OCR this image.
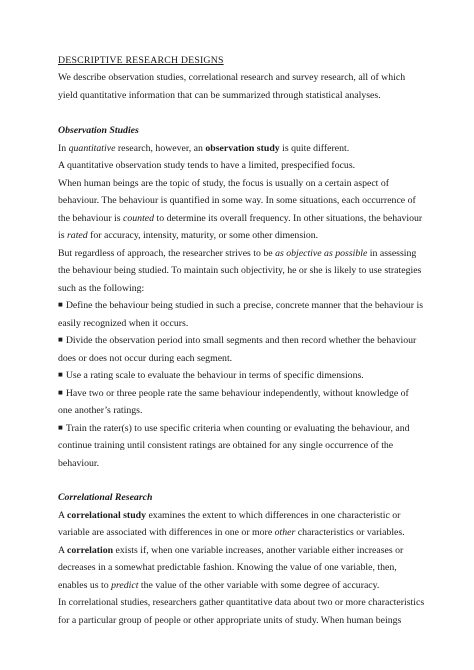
DESCRIPTIVE RESEARCH DESIGNS
We describe observation studies, correlational research and survey research, all of which
yield quantitative information that can be summarized through statistical analyses.
Observation Studies
In quantitative research, however, an observation study is quite different.
A quantitative observation study tends to have a limited, prespecified focus.
When human beings are the topic of study, the focus is usually on a certain aspect of
behaviour. The behaviour is quantified in some way. In some situations, each occurrence of
the behaviour is counted to determine its overall frequency. In other situations, the behaviour
is rated for accuracy, intensity, maturity, or some other dimension.
But regardless of approach, the researcher strives to be as objective as possible in assessing
the behaviour being studied. To maintain such objectivity, he or she is likely to use strategies
such as the following:
■ Define the behaviour being studied in such a precise, concrete manner that the behaviour is
easily recognized when it occurs.
■ Divide the observation period into small segments and then record whether the behaviour
does or does not occur during each segment.
■ Use a rating scale to evaluate the behaviour in terms of specific dimensions.
■ Have two or three people rate the same behaviour independently, without knowledge of
one another’s ratings.
■ Train the rater(s) to use specific criteria when counting or evaluating the behaviour, and
continue training until consistent ratings are obtained for any single occurrence of the
behaviour.
Correlational Research
A correlational study examines the extent to which differences in one characteristic or
variable are associated with differences in one or more other characteristics or variables.
A correlation exists if, when one variable increases, another variable either increases or
decreases in a somewhat predictable fashion. Knowing the value of one variable, then,
enables us to predict the value of the other variable with some degree of accuracy.
In correlational studies, researchers gather quantitative data about two or more characteristics
for a particular group of people or other appropriate units of study. When human beings
